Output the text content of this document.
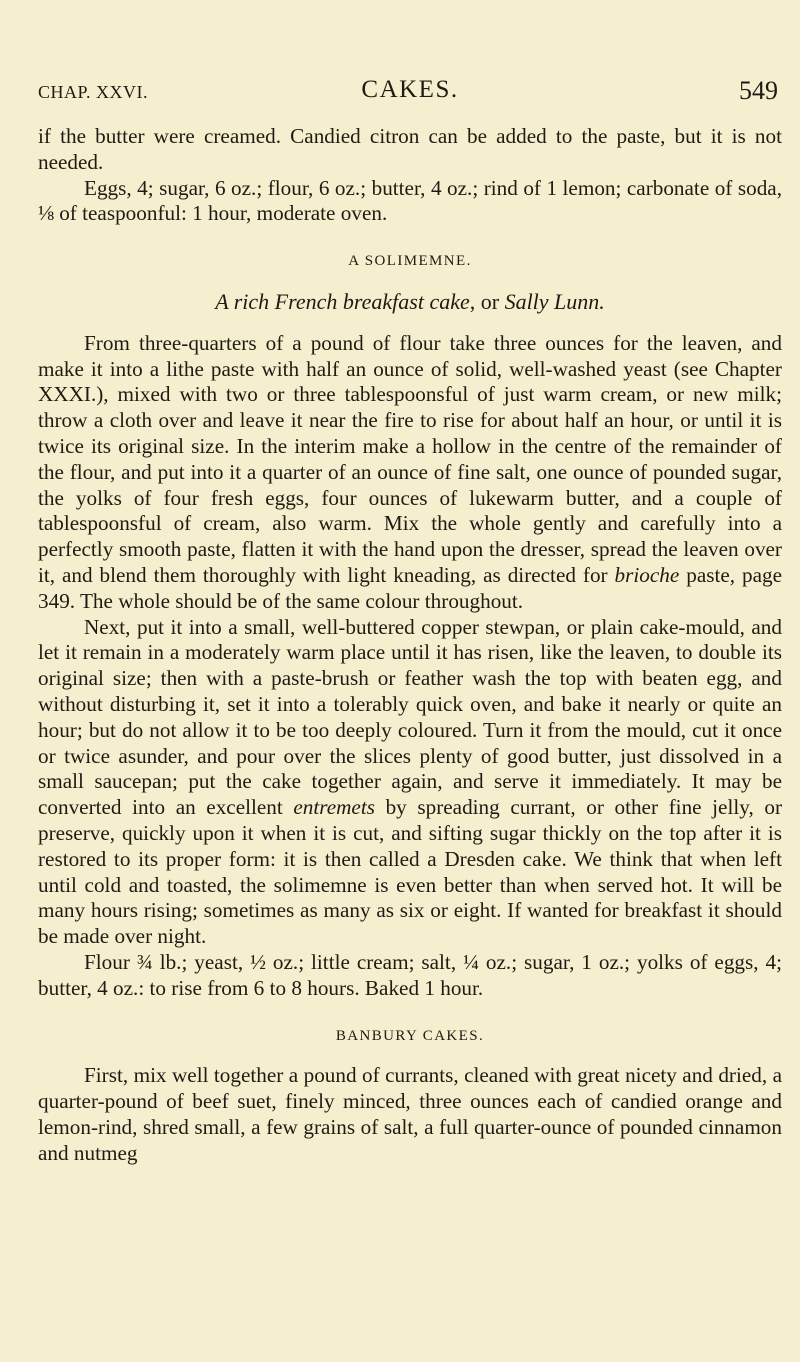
CHAP. XXVI.	CAKES.	549

if the butter were creamed. Candied citron can be added to the paste, but it is not needed.

Eggs, 4; sugar, 6 oz.; flour, 6 oz.; butter, 4 oz.; rind of 1 lemon; carbonate of soda, ⅛ of teaspoonful: 1 hour, moderate oven.

A SOLIMEMNE.

A rich French breakfast cake, or Sally Lunn.

From three-quarters of a pound of flour take three ounces for the leaven, and make it into a lithe paste with half an ounce of solid, well-washed yeast (see Chapter XXXI.), mixed with two or three tablespoonsful of just warm cream, or new milk; throw a cloth over and leave it near the fire to rise for about half an hour, or until it is twice its original size. In the interim make a hollow in the centre of the remainder of the flour, and put into it a quarter of an ounce of fine salt, one ounce of pounded sugar, the yolks of four fresh eggs, four ounces of lukewarm butter, and a couple of tablespoonsful of cream, also warm. Mix the whole gently and carefully into a perfectly smooth paste, flatten it with the hand upon the dresser, spread the leaven over it, and blend them thoroughly with light kneading, as directed for brioche paste, page 349. The whole should be of the same colour throughout.

Next, put it into a small, well-buttered copper stewpan, or plain cake-mould, and let it remain in a moderately warm place until it has risen, like the leaven, to double its original size; then with a paste-brush or feather wash the top with beaten egg, and without disturbing it, set it into a tolerably quick oven, and bake it nearly or quite an hour; but do not allow it to be too deeply coloured. Turn it from the mould, cut it once or twice asunder, and pour over the slices plenty of good butter, just dissolved in a small saucepan; put the cake together again, and serve it immediately. It may be converted into an excellent entremets by spreading currant, or other fine jelly, or preserve, quickly upon it when it is cut, and sifting sugar thickly on the top after it is restored to its proper form: it is then called a Dresden cake. We think that when left until cold and toasted, the solimemne is even better than when served hot. It will be many hours rising; sometimes as many as six or eight. If wanted for breakfast it should be made over night.

Flour ¾ lb.; yeast, ½ oz.; little cream; salt, ¼ oz.; sugar, 1 oz.; yolks of eggs, 4; butter, 4 oz.: to rise from 6 to 8 hours. Baked 1 hour.

BANBURY CAKES.

First, mix well together a pound of currants, cleaned with great nicety and dried, a quarter-pound of beef suet, finely minced, three ounces each of candied orange and lemon-rind, shred small, a few grains of salt, a full quarter-ounce of pounded cinnamon and nutmeg
